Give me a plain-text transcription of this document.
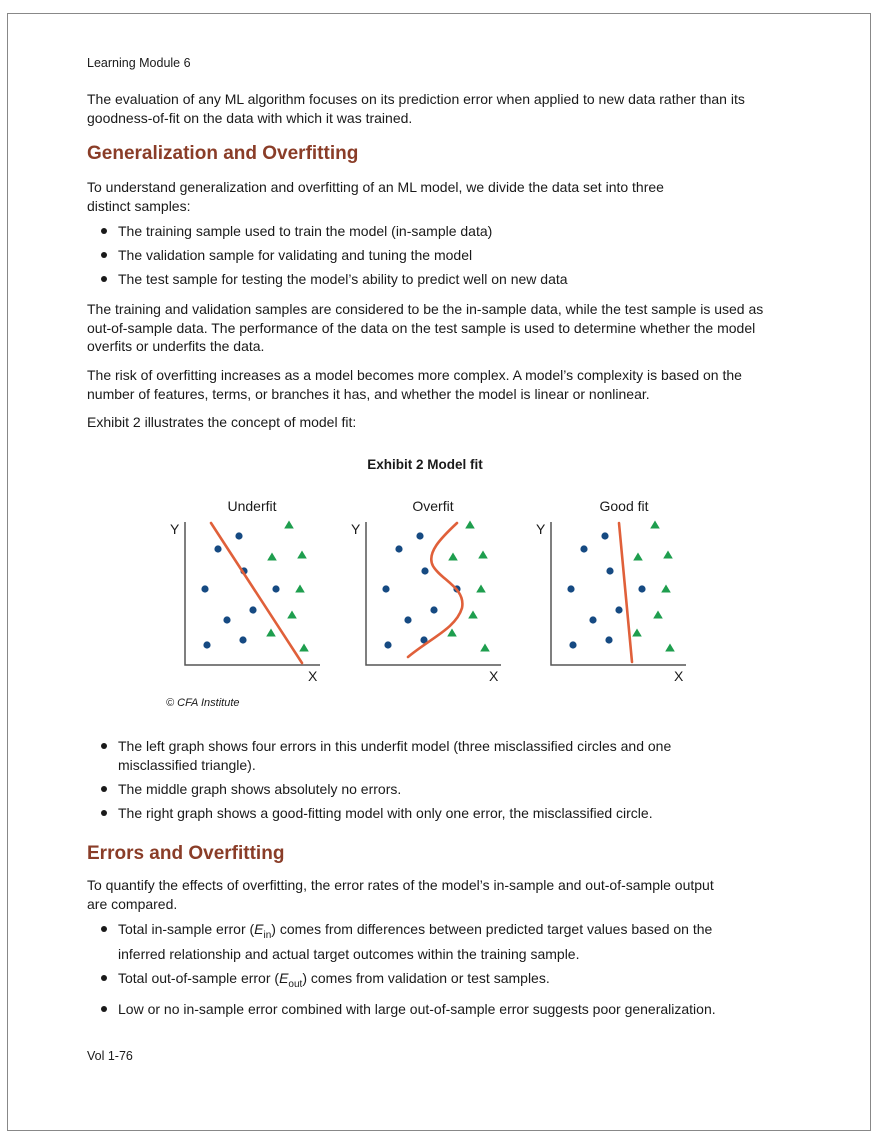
Learning Module 6
The evaluation of any ML algorithm focuses on its prediction error when applied to new data rather than its goodness-of-fit on the data with which it was trained.
Generalization and Overfitting
To understand generalization and overfitting of an ML model, we divide the data set into three distinct samples:
The training sample used to train the model (in-sample data)
The validation sample for validating and tuning the model
The test sample for testing the model’s ability to predict well on new data
The training and validation samples are considered to be the in-sample data, while the test sample is used as out-of-sample data. The performance of the data on the test sample is used to determine whether the model overfits or underfits the data.
The risk of overfitting increases as a model becomes more complex. A model’s complexity is based on the number of features, terms, or branches it has, and whether the model is linear or nonlinear.
Exhibit 2 illustrates the concept of model fit:
Exhibit 2 Model fit
Underfit
Y
X
Overfit
Y
X
Good fit
Y
X
© CFA Institute
The left graph shows four errors in this underfit model (three misclassified circles and one misclassified triangle).
The middle graph shows absolutely no errors.
The right graph shows a good-fitting model with only one error, the misclassified circle.
Errors and Overfitting
To quantify the effects of overfitting, the error rates of the model’s in-sample and out-of-sample output are compared.
Total in-sample error $(E_{in})$ comes from differences between predicted target values based on the inferred relationship and actual target outcomes within the training sample.
Total out-of-sample error $(E_{out})$ comes from validation or test samples.
Low or no in-sample error combined with large out-of-sample error suggests poor generalization.
Vol 1-76
